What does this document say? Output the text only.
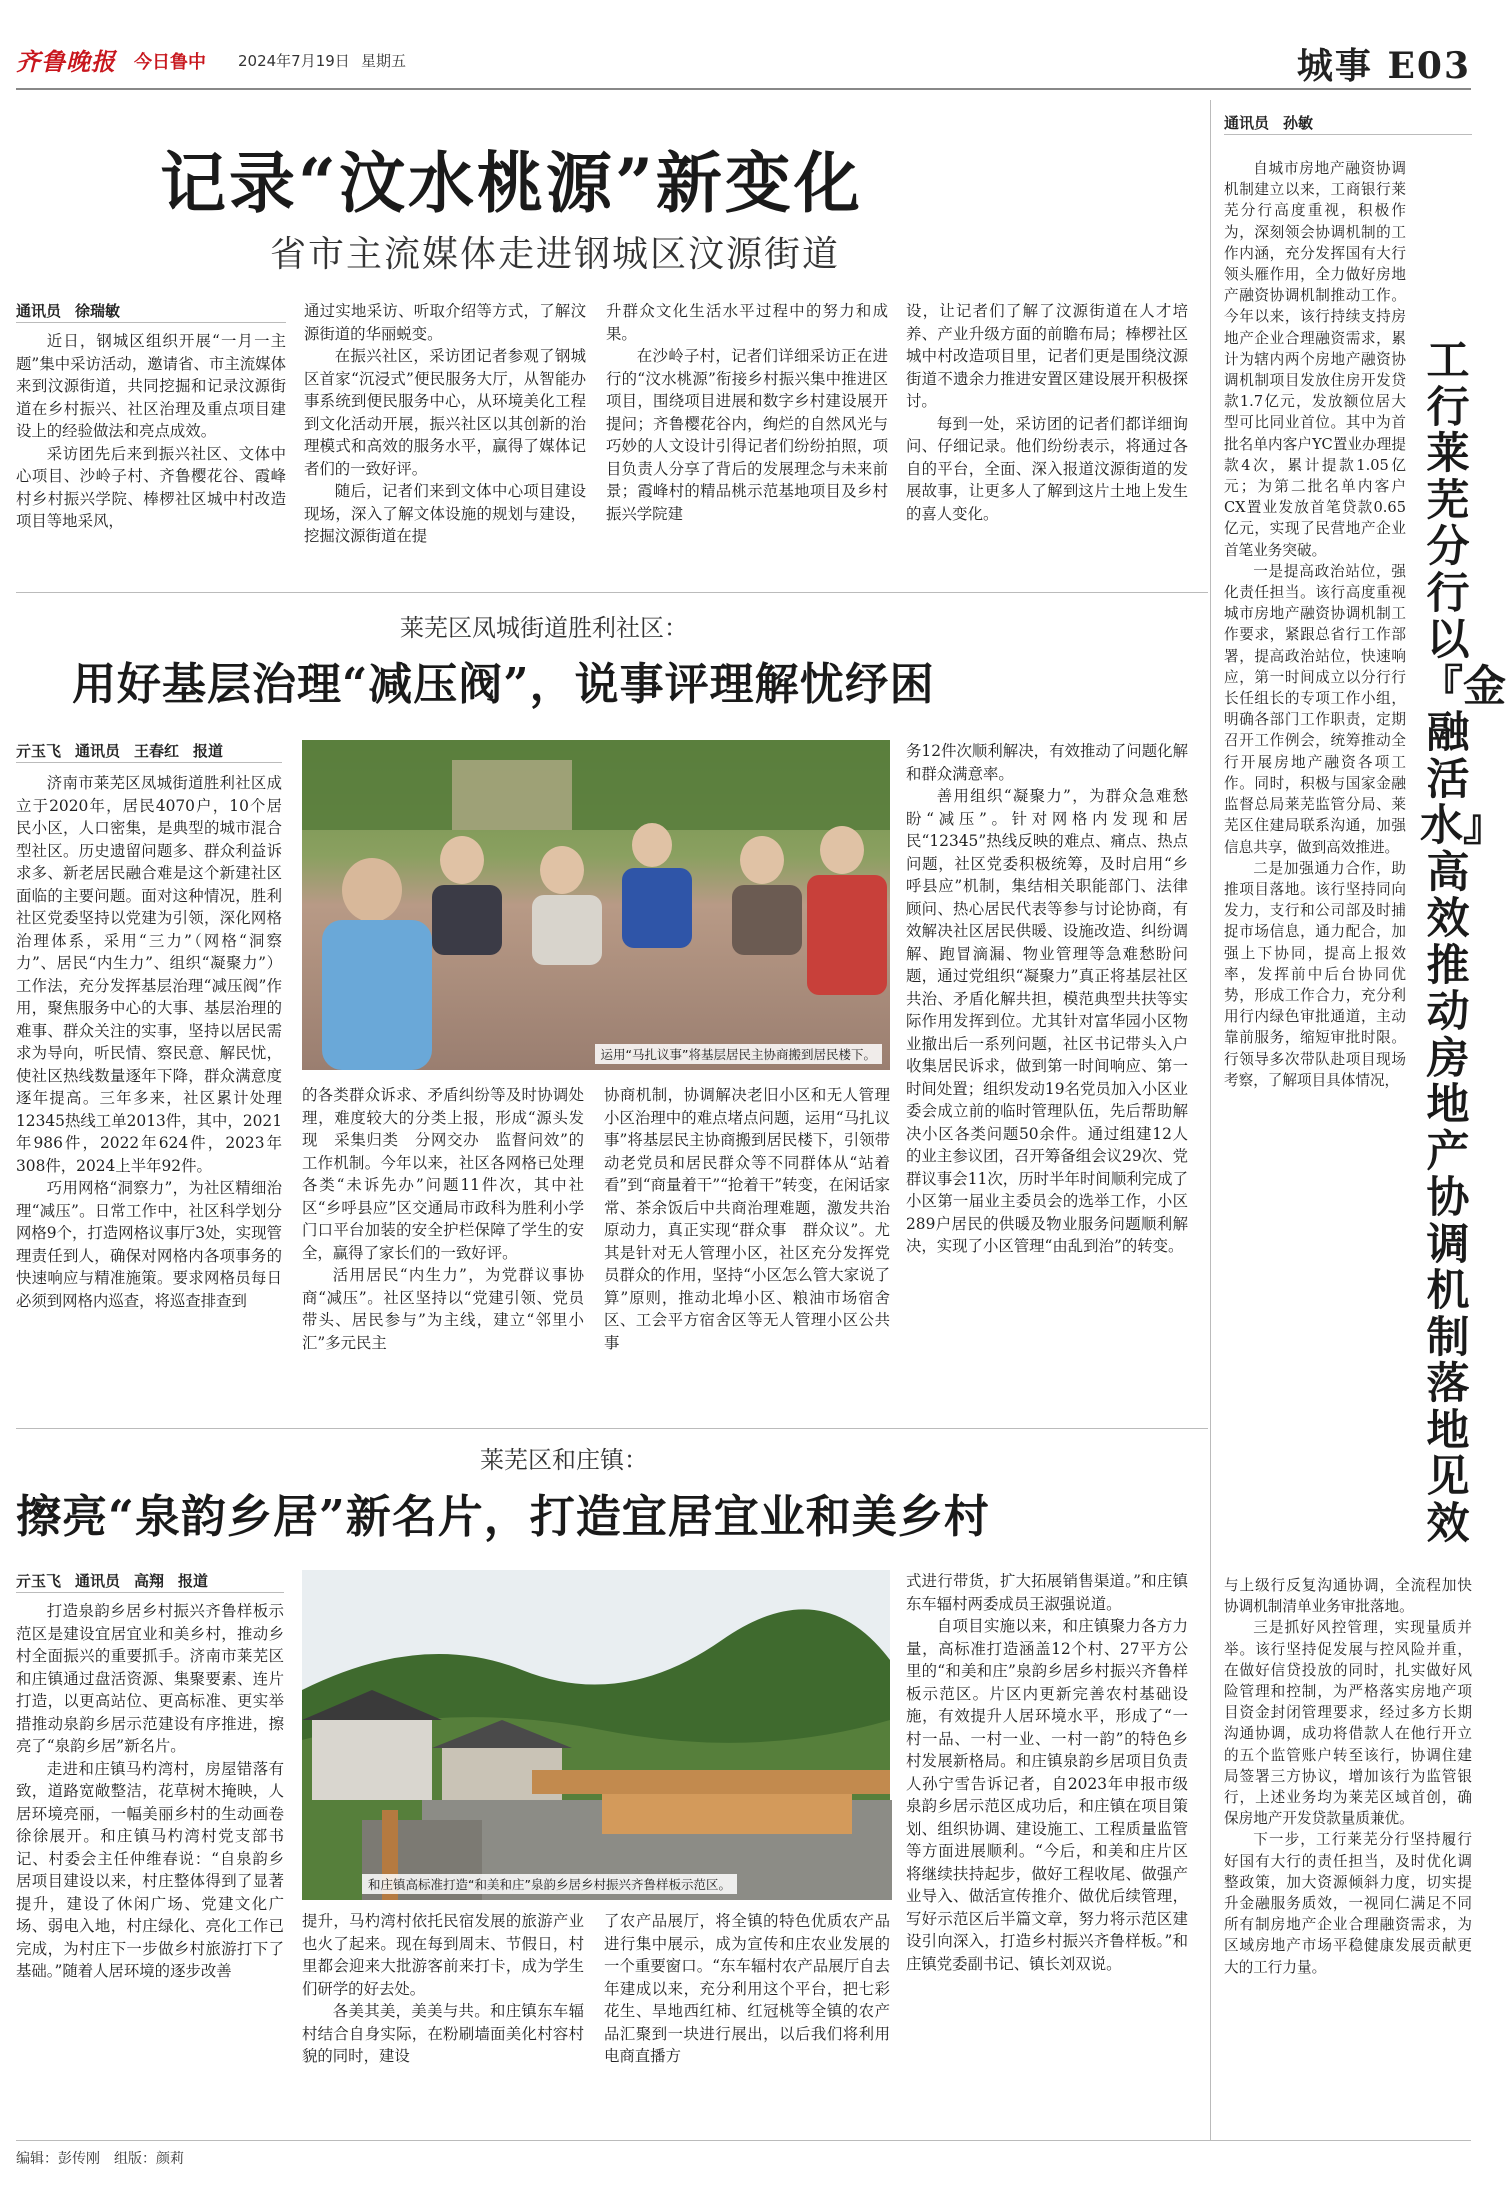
齐鲁晚报 今日鲁中 2024年7月19日 星期五	城事 E03
记录“汶水桃源”新变化
省市主流媒体走进钢城区汶源街道
通讯员 徐瑞敏

近日，钢城区组织开展“一月一主题”集中采访活动，邀请省、市主流媒体来到汶源街道，共同挖掘和记录汶源街道在乡村振兴、社区治理及重点项目建设上的经验做法和亮点成效。

采访团先后来到振兴社区、文体中心项目、沙岭子村、齐鲁樱花谷、霞峰村乡村振兴学院、棒椤社区城中村改造项目等地采风，

通过实地采访、听取介绍等方式，了解汶源街道的华丽蜕变。

在振兴社区，采访团记者参观了钢城区首家“沉浸式”便民服务大厅，从智能办事系统到便民服务中心，从环境美化工程到文化活动开展，振兴社区以其创新的治理模式和高效的服务水平，赢得了媒体记者们的一致好评。

随后，记者们来到文体中心项目建设现场，深入了解文体设施的规划与建设，挖掘汶源街道在提

升群众文化生活水平过程中的努力和成果。

在沙岭子村，记者们详细采访正在进行的“汶水桃源”衔接乡村振兴集中推进区项目，围绕项目进展和数字乡村建设展开提问；齐鲁樱花谷内，绚烂的自然风光与巧妙的人文设计引得记者们纷纷拍照，项目负责人分享了背后的发展理念与未来前景；霞峰村的精品桃示范基地项目及乡村振兴学院建

设，让记者们了解了汶源街道在人才培养、产业升级方面的前瞻布局；棒椤社区城中村改造项目里，记者们更是围绕汶源街道不遗余力推进安置区建设展开积极探讨。

每到一处，采访团的记者们都详细询问、仔细记录。他们纷纷表示，将通过各自的平台，全面、深入报道汶源街道的发展故事，让更多人了解到这片土地上发生的喜人变化。

莱芜区凤城街道胜利社区：
用好基层治理“减压阀”，说事评理解忧纾困
亓玉飞 通讯员 王春红 报道

济南市莱芜区凤城街道胜利社区成立于2020年，居民4070户，10个居民小区，人口密集，是典型的城市混合型社区。历史遗留问题多、群众利益诉求多、新老居民融合难是这个新建社区面临的主要问题。面对这种情况，胜利社区党委坚持以党建为引领，深化网格治理体系，采用“三力”（网格“洞察力”、居民“内生力”、组织“凝聚力”）工作法，充分发挥基层治理“减压阀”作用，聚焦服务中心的大事、基层治理的难事、群众关注的实事，坚持以居民需求为导向，听民情、察民意、解民忧，使社区热线数量逐年下降，群众满意度逐年提高。三年多来，社区累计处理12345热线工单2013件，其中，2021年986件，2022年624件，2023年308件，2024上半年92件。

巧用网格“洞察力”，为社区精细治理“减压”。日常工作中，社区科学划分网格9个，打造网格议事厅3处，实现管理责任到人，确保对网格内各项事务的快速响应与精准施策。要求网格员每日必须到网格内巡查，将巡查排查到

运用“马扎议事”将基层居民主协商搬到居民楼下。

的各类群众诉求、矛盾纠纷等及时协调处理，难度较大的分类上报，形成“源头发现　采集归类　分网交办　监督问效”的工作机制。今年以来，社区各网格已处理各类“未诉先办”问题11件次，其中社区“乡呼县应”区交通局市政科为胜利小学门口平台加装的安全护栏保障了学生的安全，赢得了家长们的一致好评。

活用居民“内生力”，为党群议事协商“减压”。社区坚持以“党建引领、党员带头、居民参与”为主线，建立“邻里小汇”多元民主

协商机制，协调解决老旧小区和无人管理小区治理中的难点堵点问题，运用“马扎议事”将基层民主协商搬到居民楼下，引领带动老党员和居民群众等不同群体从“站着看”到“商量着干”“抢着干”转变，在闲话家常、茶余饭后中共商治理难题，激发共治原动力，真正实现“群众事　群众议”。尤其是针对无人管理小区，社区充分发挥党员群众的作用，坚持“小区怎么管大家说了算”原则，推动北埠小区、粮油市场宿舍区、工会平方宿舍区等无人管理小区公共事

务12件次顺利解决，有效推动了问题化解和群众满意率。

善用组织“凝聚力”，为群众急难愁盼“减压”。针对网格内发现和居民“12345”热线反映的难点、痛点、热点问题，社区党委积极统筹，及时启用“乡呼县应”机制，集结相关职能部门、法律顾问、热心居民代表等参与讨论协商，有效解决社区居民供暖、设施改造、纠纷调解、跑冒滴漏、物业管理等急难愁盼问题，通过党组织“凝聚力”真正将基层社区共治、矛盾化解共担，模范典型共扶等实际作用发挥到位。尤其针对富华园小区物业撤出后一系列问题，社区书记带头入户收集居民诉求，做到第一时间响应、第一时间处置；组织发动19名党员加入小区业委会成立前的临时管理队伍，先后帮助解决小区各类问题50余件。通过组建12人的业主参议团，召开筹备组会议29次、党群议事会11次，历时半年时间顺利完成了小区第一届业主委员会的选举工作，小区289户居民的供暖及物业服务问题顺利解决，实现了小区管理“由乱到治”的转变。

莱芜区和庄镇：
擦亮“泉韵乡居”新名片，打造宜居宜业和美乡村
亓玉飞 通讯员 高翔 报道

打造泉韵乡居乡村振兴齐鲁样板示范区是建设宜居宜业和美乡村，推动乡村全面振兴的重要抓手。济南市莱芜区和庄镇通过盘活资源、集聚要素、连片打造，以更高站位、更高标准、更实举措推动泉韵乡居示范建设有序推进，擦亮了“泉韵乡居”新名片。

走进和庄镇马杓湾村，房屋错落有致，道路宽敞整洁，花草树木掩映，人居环境亮丽，一幅美丽乡村的生动画卷徐徐展开。和庄镇马杓湾村党支部书记、村委会主任仲维春说：“自泉韵乡居项目建设以来，村庄整体得到了显著提升，建设了休闲广场、党建文化广场、弱电入地，村庄绿化、亮化工作已完成，为村庄下一步做乡村旅游打下了基础。”随着人居环境的逐步改善

和庄镇高标准打造“和美和庄”泉韵乡居乡村振兴齐鲁样板示范区。

提升，马杓湾村依托民宿发展的旅游产业也火了起来。现在每到周末、节假日，村里都会迎来大批游客前来打卡，成为学生们研学的好去处。

各美其美，美美与共。和庄镇东车辐村结合自身实际，在粉刷墙面美化村容村貌的同时，建设

了农产品展厅，将全镇的特色优质农产品进行集中展示，成为宣传和庄农业发展的一个重要窗口。“东车辐村农产品展厅自去年建成以来，充分利用这个平台，把七彩花生、旱地西红柿、红冠桃等全镇的农产品汇聚到一块进行展出，以后我们将利用电商直播方

式进行带货，扩大拓展销售渠道。”和庄镇东车辐村两委成员王淑强说道。

自项目实施以来，和庄镇聚力各方力量，高标准打造涵盖12个村、27平方公里的“和美和庄”泉韵乡居乡村振兴齐鲁样板示范区。片区内更新完善农村基础设施，有效提升人居环境水平，形成了“一村一品、一村一业、一村一韵”的特色乡村发展新格局。和庄镇泉韵乡居项目负责人孙宁雪告诉记者，自2023年申报市级泉韵乡居示范区成功后，和庄镇在项目策划、组织协调、建设施工、工程质量监管等方面进展顺利。“今后，和美和庄片区将继续扶持起步，做好工程收尾、做强产业导入、做活宣传推介、做优后续管理，写好示范区后半篇文章，努力将示范区建设引向深入，打造乡村振兴齐鲁样板。”和庄镇党委副书记、镇长刘双说。

通讯员 孙敏

自城市房地产融资协调机制建立以来，工商银行莱芜分行高度重视，积极作为，深刻领会协调机制的工作内涵，充分发挥国有大行领头雁作用，全力做好房地产融资协调机制推动工作。今年以来，该行持续支持房地产企业合理融资需求，累计为辖内两个房地产融资协调机制项目发放住房开发贷款1.7亿元，发放额位居大型可比同业首位。其中为首批名单内客户YC置业办理提款4次，累计提款1.05亿元；为第二批名单内客户CX置业发放首笔贷款0.65亿元，实现了民营地产企业首笔业务突破。

一是提高政治站位，强化责任担当。该行高度重视城市房地产融资协调机制工作要求，紧跟总省行工作部署，提高政治站位，快速响应，第一时间成立以分行行长任组长的专项工作小组，明确各部门工作职责，定期召开工作例会，统筹推动全行开展房地产融资各项工作。同时，积极与国家金融监督总局莱芜监管分局、莱芜区住建局联系沟通，加强信息共享，做到高效推进。

二是加强通力合作，助推项目落地。该行坚持同向发力，支行和公司部及时捕捉市场信息，通力配合，加强上下协同，提高上报效率，发挥前中后台协同优势，形成工作合力，充分利用行内绿色审批通道，主动靠前服务，缩短审批时限。行领导多次带队赴项目现场考察，了解项目具体情况，

工行莱芜分行以『金融活水』高效推动房地产协调机制落地见效

与上级行反复沟通协调，全流程加快协调机制清单业务审批落地。

三是抓好风控管理，实现量质并举。该行坚持促发展与控风险并重，在做好信贷投放的同时，扎实做好风险管理和控制，为严格落实房地产项目资金封闭管理要求，经过多方长期沟通协调，成功将借款人在他行开立的五个监管账户转至该行，协调住建局签署三方协议，增加该行为监管银行，上述业务均为莱芜区域首创，确保房地产开发贷款量质兼优。

下一步，工行莱芜分行坚持履行好国有大行的责任担当，及时优化调整政策，加大资源倾斜力度，切实提升金融服务质效，一视同仁满足不同所有制房地产企业合理融资需求，为区域房地产市场平稳健康发展贡献更大的工行力量。

编辑：彭传刚 组版：颜莉
